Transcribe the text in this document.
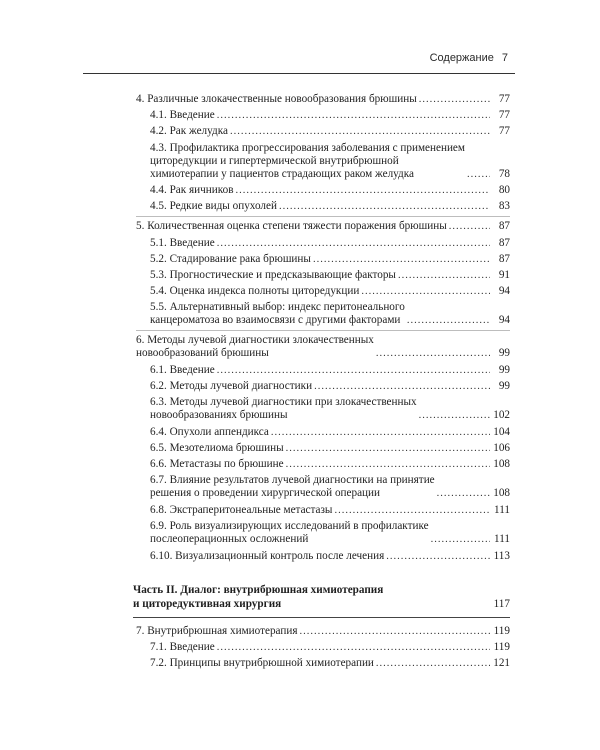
Содержание 7
4. Различные злокачественные новообразования брюшины .....	77
4.1. Введение .....	77
4.2. Рак желудка .....	77
4.3. Профилактика прогрессирования заболевания с применением
циторедукции и гипертермической внутрибрюшной
химиотерапии у пациентов страдающих раком желудка .....	78
4.4. Рак яичников .....	80
4.5. Редкие виды опухолей .....	83
5. Количественная оценка степени тяжести поражения брюшины .....	87
5.1. Введение .....	87
5.2. Стадирование рака брюшины .....	87
5.3. Прогностические и предсказывающие факторы .....	91
5.4. Оценка индекса полноты циторедукции .....	94
5.5. Альтернативный выбор: индекс перитонеального
канцероматоза во взаимосвязи с другими факторами .....	94
6. Методы лучевой диагностики злокачественных
новообразований брюшины .....	99
6.1. Введение .....	99
6.2. Методы лучевой диагностики .....	99
6.3. Методы лучевой диагностики при злокачественных
новообразованиях брюшины .....	102
6.4. Опухоли аппендикса .....	104
6.5. Мезотелиома брюшины .....	106
6.6. Метастазы по брюшине .....	108
6.7. Влияние результатов лучевой диагностики на принятие
решения о проведении хирургической операции .....	108
6.8. Экстраперитонеальные метастазы .....	111
6.9. Роль визуализирующих исследований в профилактике
послеоперационных осложнений .....	111
6.10. Визуализационный контроль после лечения .....	113
Часть II. Диалог: внутрибрюшная химиотерапия
и циторедуктивная хирургия	117
7. Внутрибрюшная химиотерапия .....	119
7.1. Введение .....	119
7.2. Принципы внутрибрюшной химиотерапии .....	121
